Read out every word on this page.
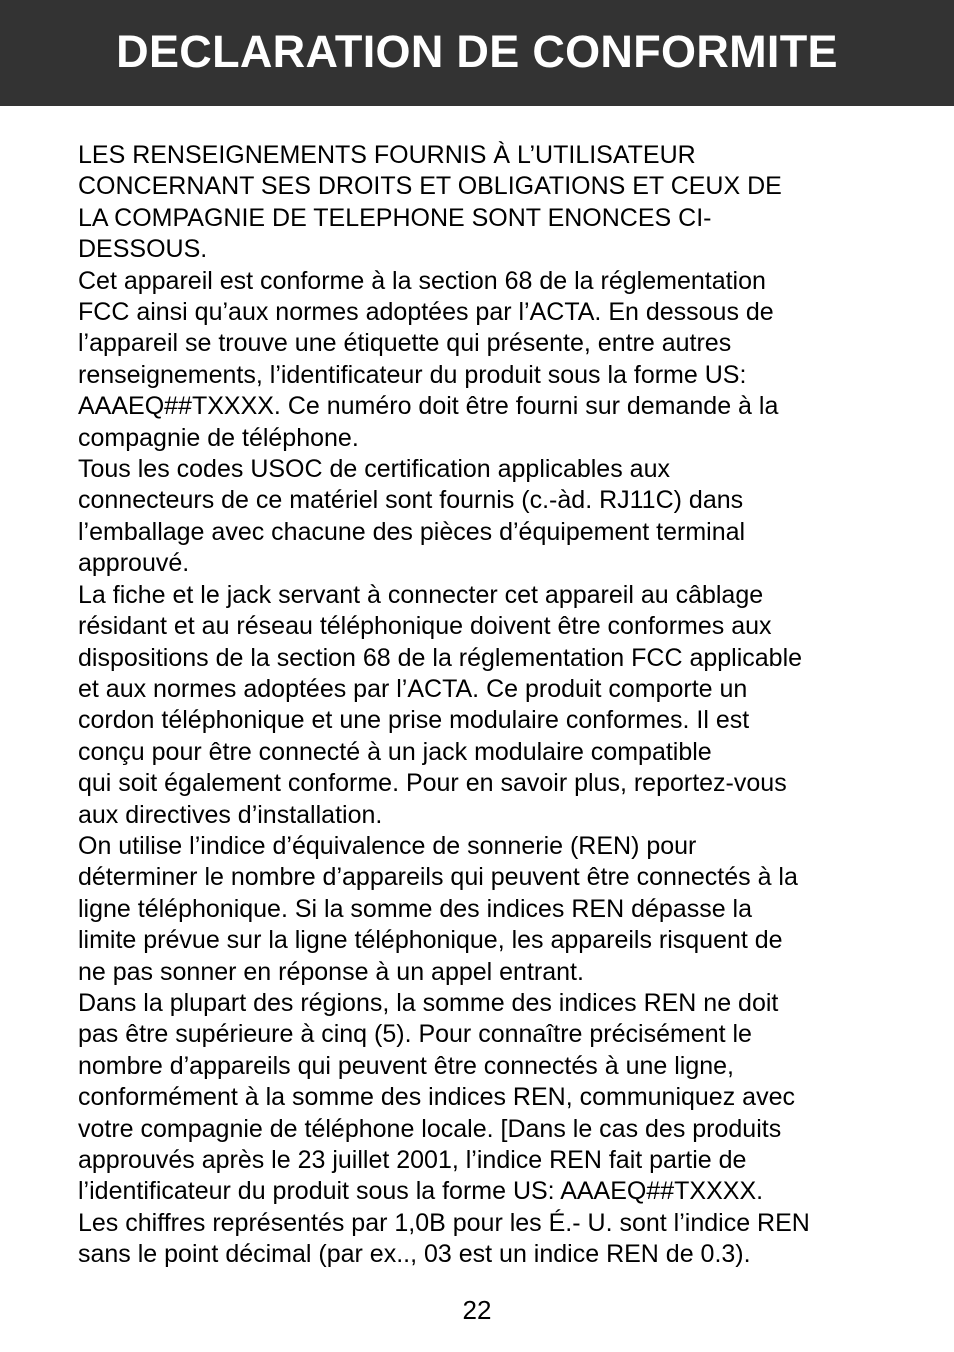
DECLARATION DE CONFORMITE

LES RENSEIGNEMENTS FOURNIS À L’UTILISATEUR
CONCERNANT SES DROITS ET OBLIGATIONS ET CEUX DE
LA COMPAGNIE DE TELEPHONE SONT ENONCES CI-
DESSOUS.

Cet appareil est conforme à la section 68 de la réglementation
FCC ainsi qu’aux normes adoptées par l’ACTA. En dessous de
l’appareil se trouve une étiquette qui présente, entre autres
renseignements, l’identificateur du produit sous la forme US:
AAAEQ##TXXXX. Ce numéro doit être fourni sur demande à la
compagnie de téléphone.

Tous les codes USOC de certification applicables aux
connecteurs de ce matériel sont fournis (c.-àd. RJ11C) dans
l’emballage avec chacune des pièces d’équipement terminal
approuvé.

La fiche et le jack servant à connecter cet appareil au câblage
résidant et au réseau téléphonique doivent être conformes aux
dispositions de la section 68 de la réglementation FCC applicable
et aux normes adoptées par l’ACTA. Ce produit comporte un
cordon téléphonique et une prise modulaire conformes. Il est
conçu pour être connecté à un jack modulaire compatible
qui soit également conforme. Pour en savoir plus, reportez-vous
aux directives d’installation.

On utilise l’indice d’équivalence de sonnerie (REN) pour
déterminer le nombre d’appareils qui peuvent être connectés à la
ligne téléphonique. Si la somme des indices REN dépasse la
limite prévue sur la ligne téléphonique, les appareils risquent de
ne pas sonner en réponse à un appel entrant.

Dans la plupart des régions, la somme des indices REN ne doit
pas être supérieure à cinq (5). Pour connaître précisément le
nombre d’appareils qui peuvent être connectés à une ligne,
conformément à la somme des indices REN, communiquez avec
votre compagnie de téléphone locale. [Dans le cas des produits
approuvés après le 23 juillet 2001, l’indice REN fait partie de
l’identificateur du produit sous la forme US: AAAEQ##TXXXX.
Les chiffres représentés par 1,0B pour les É.- U. sont l’indice REN
sans le point décimal (par ex.., 03 est un indice REN de 0.3).

22
